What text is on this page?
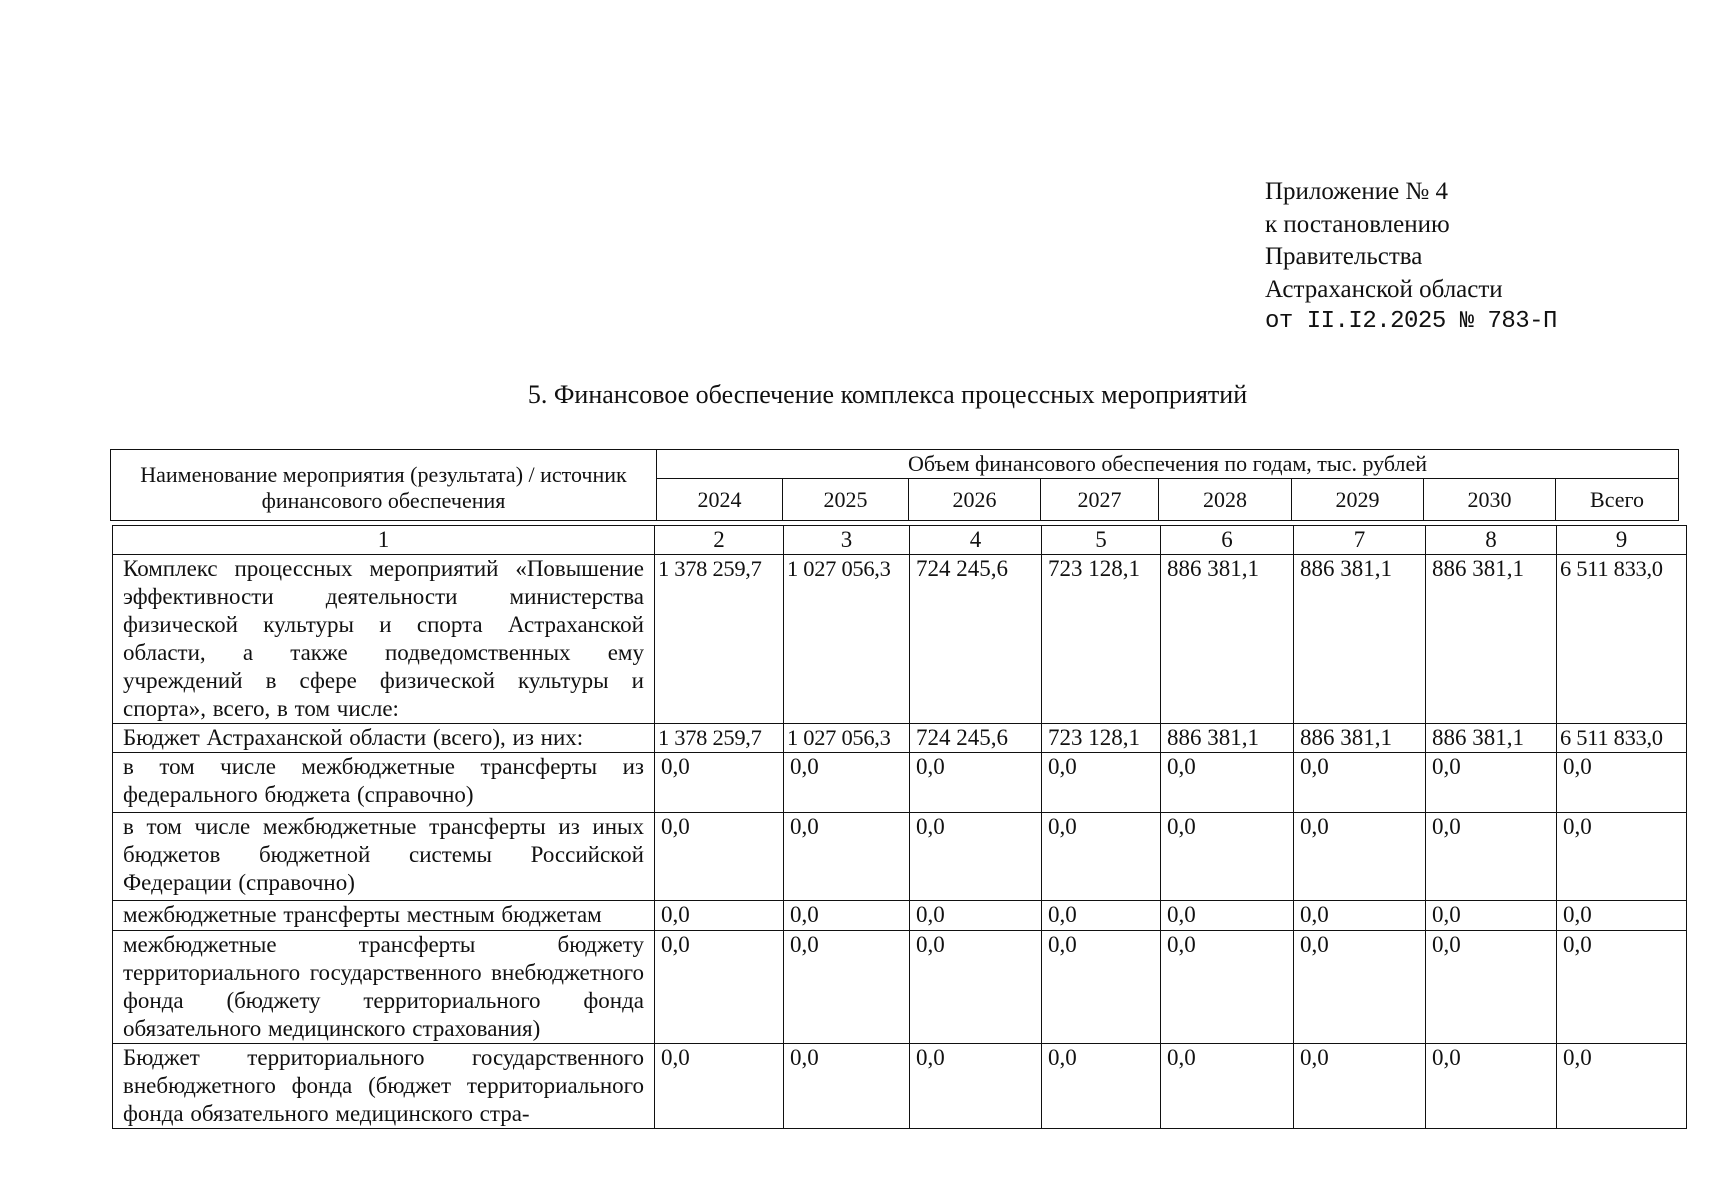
Приложение № 4
к постановлению
Правительства
Астраханской области
от II.I2.2025 № 783-П
5. Финансовое обеспечение комплекса процессных мероприятий
Наименование мероприятия (результата) / источник финансового обеспечения	Объем финансового обеспечения по годам, тыс. рублей							
	2024	2025	2026	2027	2028	2029	2030	Всего
1	2	3	4	5	6	7	8	9
Комплекс процессных мероприятий «Повышение эффективности деятельности министерства физической культуры и спорта Астраханской области, а также подведомственных ему учреждений в сфере физической культуры и спорта», всего, в том числе:	1 378 259,7	1 027 056,3	724 245,6	723 128,1	886 381,1	886 381,1	886 381,1	6 511 833,0
Бюджет Астраханской области (всего), из них:	1 378 259,7	1 027 056,3	724 245,6	723 128,1	886 381,1	886 381,1	886 381,1	6 511 833,0
в том числе межбюджетные трансферты из федерального бюджета (справочно)	0,0	0,0	0,0	0,0	0,0	0,0	0,0	0,0
в том числе межбюджетные трансферты из иных бюджетов бюджетной системы Российской Федерации (справочно)	0,0	0,0	0,0	0,0	0,0	0,0	0,0	0,0
межбюджетные трансферты местным бюджетам	0,0	0,0	0,0	0,0	0,0	0,0	0,0	0,0
межбюджетные трансферты бюджету территориального государственного внебюджетного фонда (бюджету территориального фонда обязательного медицинского страхования)	0,0	0,0	0,0	0,0	0,0	0,0	0,0	0,0
Бюджет территориального государственного внебюджетного фонда (бюджет территориального фонда обязательного медицинского стра-	0,0	0,0	0,0	0,0	0,0	0,0	0,0	0,0
